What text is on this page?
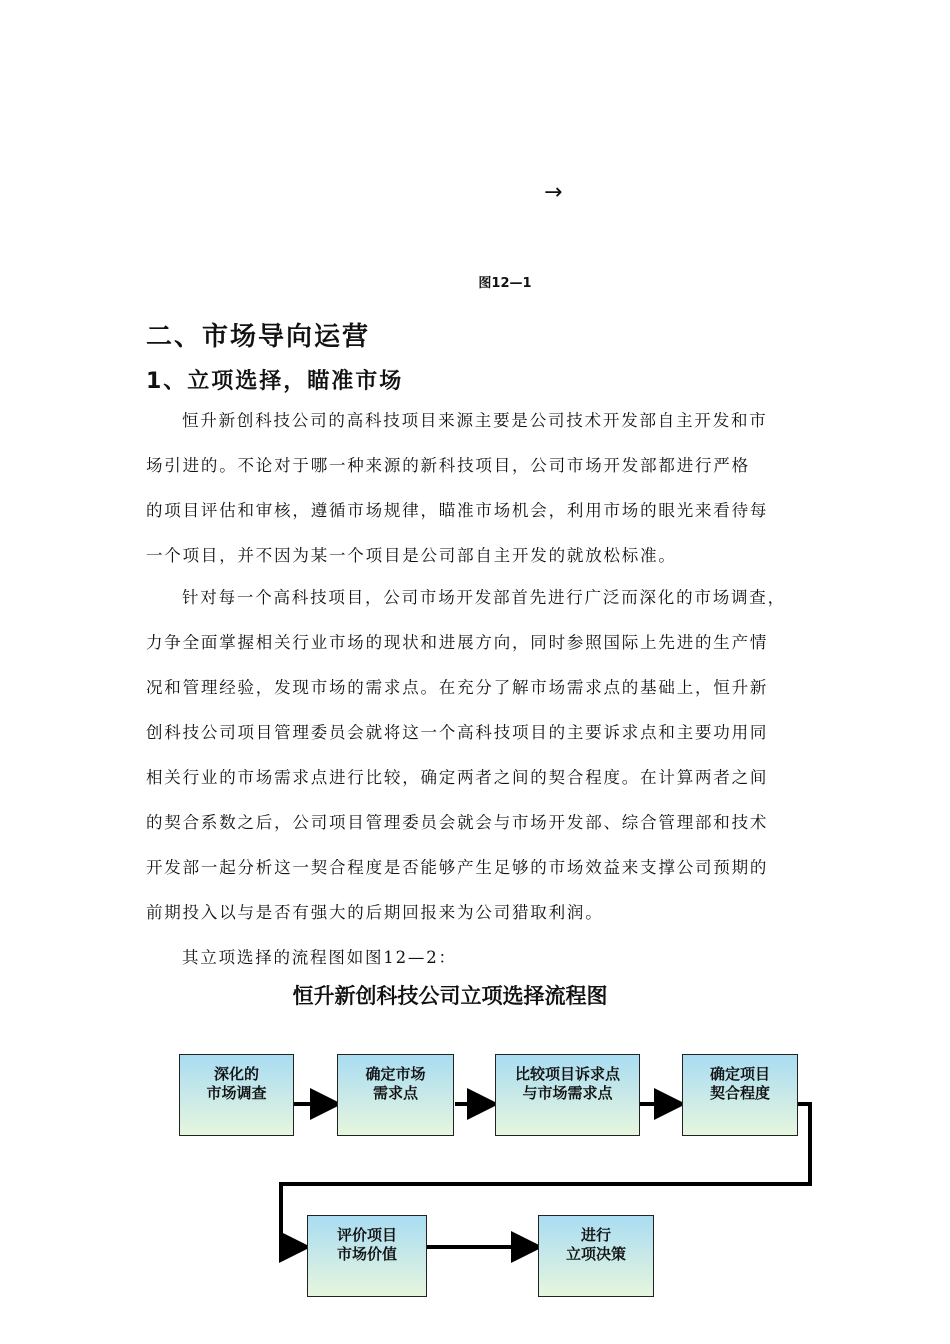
→
图12—1
二、市场导向运营
1、立项选择，瞄准市场
恒升新创科技公司的高科技项目来源主要是公司技术开发部自主开发和市
场引进的。不论对于哪一种来源的新科技项目，公司市场开发部都进行严格
的项目评估和审核，遵循市场规律，瞄准市场机会，利用市场的眼光来看待每
一个项目，并不因为某一个项目是公司部自主开发的就放松标准。
针对每一个高科技项目，公司市场开发部首先进行广泛而深化的市场调查，
力争全面掌握相关行业市场的现状和进展方向，同时参照国际上先进的生产情
况和管理经验，发现市场的需求点。在充分了解市场需求点的基础上，恒升新
创科技公司项目管理委员会就将这一个高科技项目的主要诉求点和主要功用同
相关行业的市场需求点进行比较，确定两者之间的契合程度。在计算两者之间
的契合系数之后，公司项目管理委员会就会与市场开发部、综合管理部和技术
开发部一起分析这一契合程度是否能够产生足够的市场效益来支撑公司预期的
前期投入以与是否有强大的后期回报来为公司猎取利润。
其立项选择的流程图如图12—2：
恒升新创科技公司立项选择流程图
深化的
市场调查
确定市场
需求点
比较项目诉求点
与市场需求点
确定项目
契合程度
评价项目
市场价值
进行
立项决策
